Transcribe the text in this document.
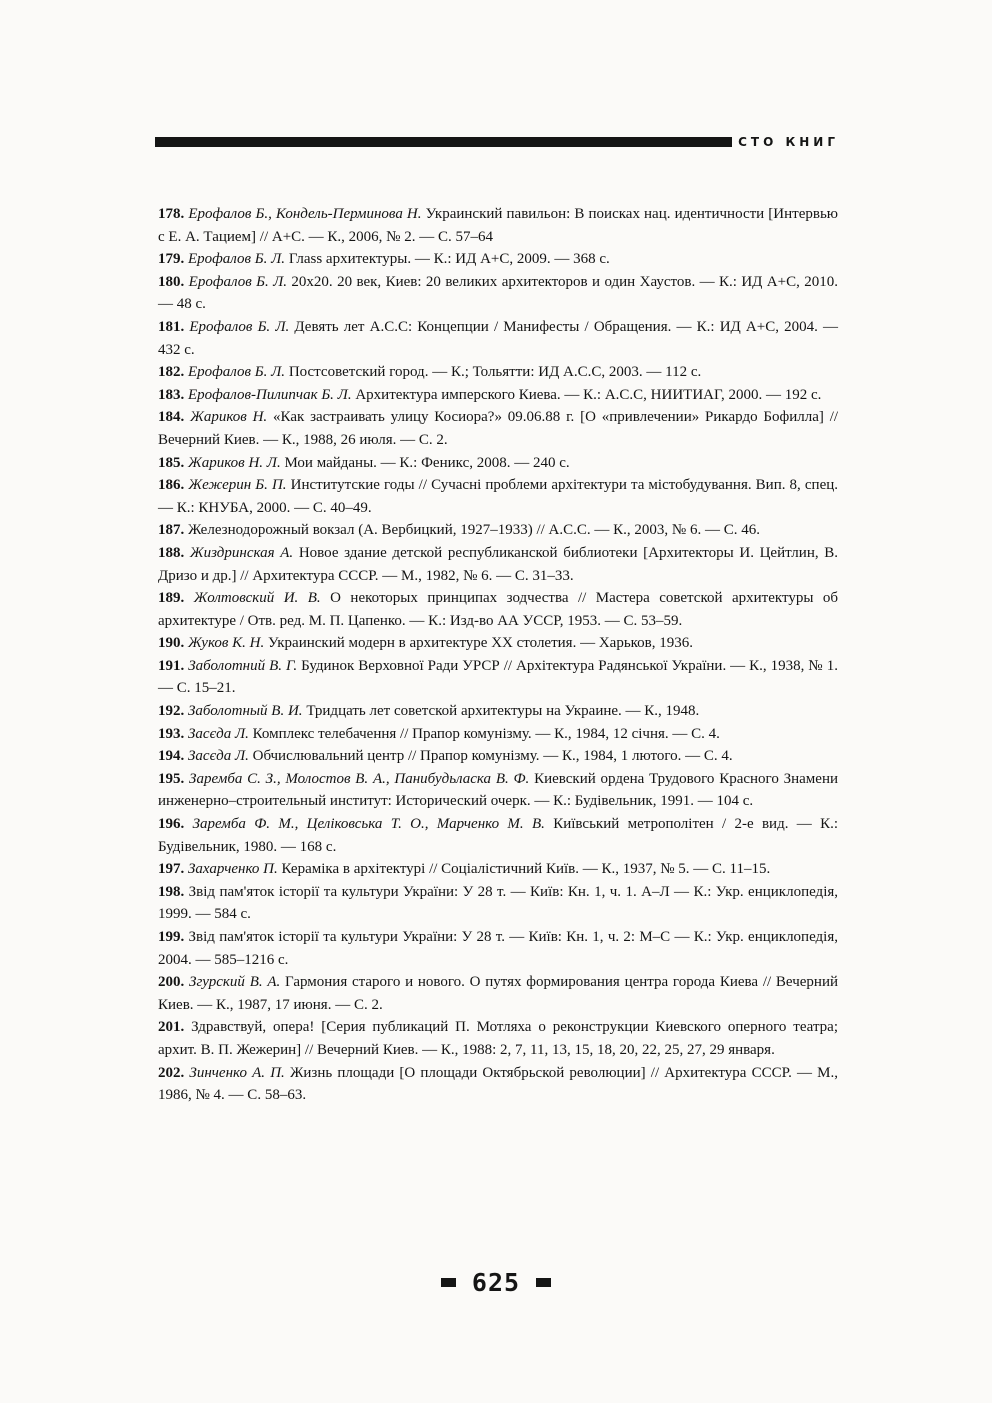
СТО КНИГ

178. Ерофалов Б., Кондель-Перминова Н. Украинский павильон: В поисках нац. идентичности [Интервью с Е. А. Тацием] // А+С. — К., 2006, № 2. — С. 57–64

179. Ерофалов Б. Л. Глass архитектуры. — К.: ИД А+С, 2009. — 368 с.

180. Ерофалов Б. Л. 20х20. 20 век, Киев: 20 великих архитекторов и один Хаустов. — К.: ИД А+С, 2010. — 48 с.

181. Ерофалов Б. Л. Девять лет А.С.С: Концепции / Манифесты / Обращения. — К.: ИД А+С, 2004. — 432 с.

182. Ерофалов Б. Л. Постсоветский город. — К.; Тольятти: ИД А.С.С, 2003. — 112 с.

183. Ерофалов-Пилипчак Б. Л. Архитектура имперского Киева. — К.: А.С.С, НИИТИАГ, 2000. — 192 с.

184. Жариков Н. «Как застраивать улицу Косиора?» 09.06.88 г. [О «привлечении» Рикардо Бофилла] // Вечерний Киев. — К., 1988, 26 июля. — С. 2.

185. Жариков Н. Л. Мои майданы. — К.: Феникс, 2008. — 240 с.

186. Жежерин Б. П. Институтские годы // Сучасні проблеми архітектури та містобудування. Вип. 8, спец. — К.: КНУБА, 2000. — С. 40–49.

187. Железнодорожный вокзал (А. Вербицкий, 1927–1933) // А.С.С. — К., 2003, № 6. — С. 46.

188. Жиздринская А. Новое здание детской республиканской библиотеки [Архитекторы И. Цейтлин, В. Дризо и др.] // Архитектура СССР. — М., 1982, № 6. — С. 31–33.

189. Жолтовский И. В. О некоторых принципах зодчества // Мастера советской архитектуры об архитектуре / Отв. ред. М. П. Цапенко. — К.: Изд-во АА УССР, 1953. — С. 53–59.

190. Жуков К. Н. Украинский модерн в архитектуре XX столетия. — Харьков, 1936.

191. Заболотний В. Г. Будинок Верховної Ради УРСР // Архітектура Радянської України. — К., 1938, № 1. — С. 15–21.

192. Заболотный В. И. Тридцать лет советской архитектуры на Украине. — К., 1948.

193. Засєда Л. Комплекс телебачення // Прапор комунізму. — К., 1984, 12 січня. — С. 4.

194. Засєда Л. Обчислювальний центр // Прапор комунізму. — К., 1984, 1 лютого. — С. 4.

195. Заремба С. З., Молостов В. А., Панибудьласка В. Ф. Киевский ордена Трудового Красного Знамени инженерно–строительный институт: Исторический очерк. — К.: Будівельник, 1991. — 104 с.

196. Заремба Ф. М., Целіковська Т. О., Марченко М. В. Київський метрополітен / 2-е вид. — К.: Будівельник, 1980. — 168 с.

197. Захарченко П. Кераміка в архітектурі // Соціалістичний Київ. — К., 1937, № 5. — С. 11–15.

198. Звід пам'яток історії та культури України: У 28 т. — Київ: Кн. 1, ч. 1. А–Л — К.: Укр. енциклопедія, 1999. — 584 с.

199. Звід пам'яток історії та культури України: У 28 т. — Київ: Кн. 1, ч. 2: М–С — К.: Укр. енциклопедія, 2004. — 585–1216 с.

200. Згурский В. А. Гармония старого и нового. О путях формирования центра города Киева // Вечерний Киев. — К., 1987, 17 июня. — С. 2.

201. Здравствуй, опера! [Серия публикаций П. Мотляха о реконструкции Киевского оперного театра; архит. В. П. Жежерин] // Вечерний Киев. — К., 1988: 2, 7, 11, 13, 15, 18, 20, 22, 25, 27, 29 января.

202. Зинченко А. П. Жизнь площади [О площади Октябрьской революции] // Архитектура СССР. — М., 1986, № 4. — С. 58–63.

625
